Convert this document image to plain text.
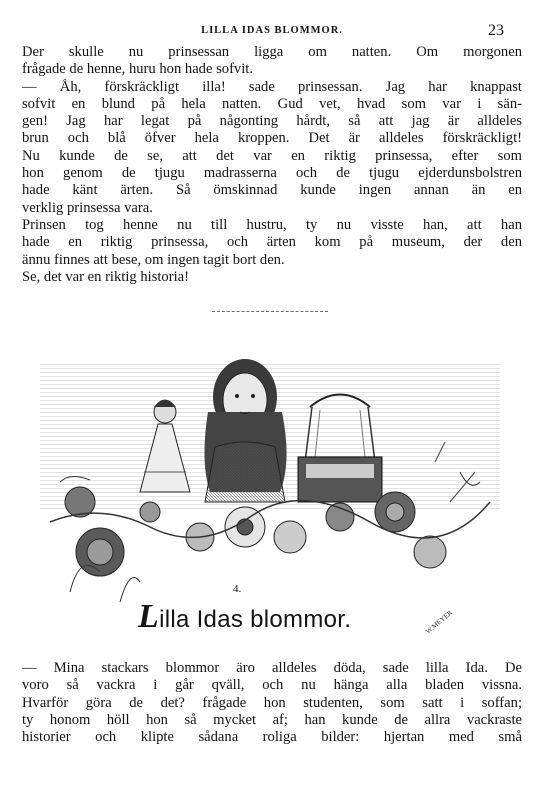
LILLA IDAS BLOMMOR.	23
Der skulle nu prinsessan ligga om natten. Om morgonen
frågade de henne, huru hon hade sofvit.
— Åh, förskräckligt illa! sade prinsessan. Jag har knappast
sofvit en blund på hela natten. Gud vet, hvad som var i sän-
gen! Jag har legat på någonting hårdt, så att jag är alldeles
brun och blå öfver hela kroppen. Det är alldeles förskräckligt!
Nu kunde de se, att det var en riktig prinsessa, efter som
hon genom de tjugu madrasserna och de tjugu ejderdunsbolstren
hade känt ärten. Så ömskinnad kunde ingen annan än en
verklig prinsessa vara.
Prinsen tog henne nu till hustru, ty nu visste han, att han
hade en riktig prinsessa, och ärten kom på museum, der den
ännu finnes att bese, om ingen tagit bort den.
Se, det var en riktig historia!
W.MEYER
4.
Lilla Idas blommor.
— Mina stackars blommor äro alldeles döda, sade lilla Ida. De
voro så vackra i går qväll, och nu hänga alla bladen vissna.
Hvarför göra de det? frågade hon studenten, som satt i soffan;
ty honom höll hon så mycket af; han kunde de allra vackraste
historier och klipte sådana roliga bilder: hjertan med små
